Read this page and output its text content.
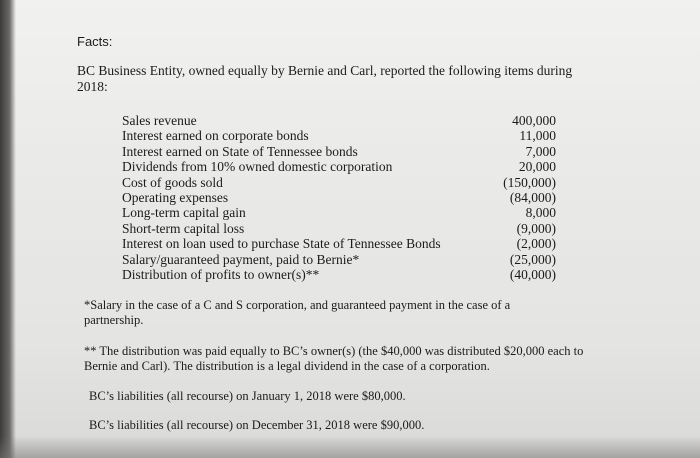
Facts:
BC Business Entity, owned equally by Bernie and Carl, reported the following items during 2018:
Sales revenue	400,000
Interest earned on corporate bonds	11,000
Interest earned on State of Tennessee bonds	7,000
Dividends from 10% owned domestic corporation	20,000
Cost of goods sold	(150,000)
Operating expenses	(84,000)
Long-term capital gain	8,000
Short-term capital loss	(9,000)
Interest on loan used to purchase State of Tennessee Bonds	(2,000)
Salary/guaranteed payment, paid to Bernie*	(25,000)
Distribution of profits to owner(s)**	(40,000)
*Salary in the case of a C and S corporation, and guaranteed payment in the case of a partnership.
** The distribution was paid equally to BC’s owner(s) (the $40,000 was distributed $20,000 each to Bernie and Carl). The distribution is a legal dividend in the case of a corporation.
BC’s liabilities (all recourse) on January 1, 2018 were $80,000.
BC’s liabilities (all recourse) on December 31, 2018 were $90,000.
